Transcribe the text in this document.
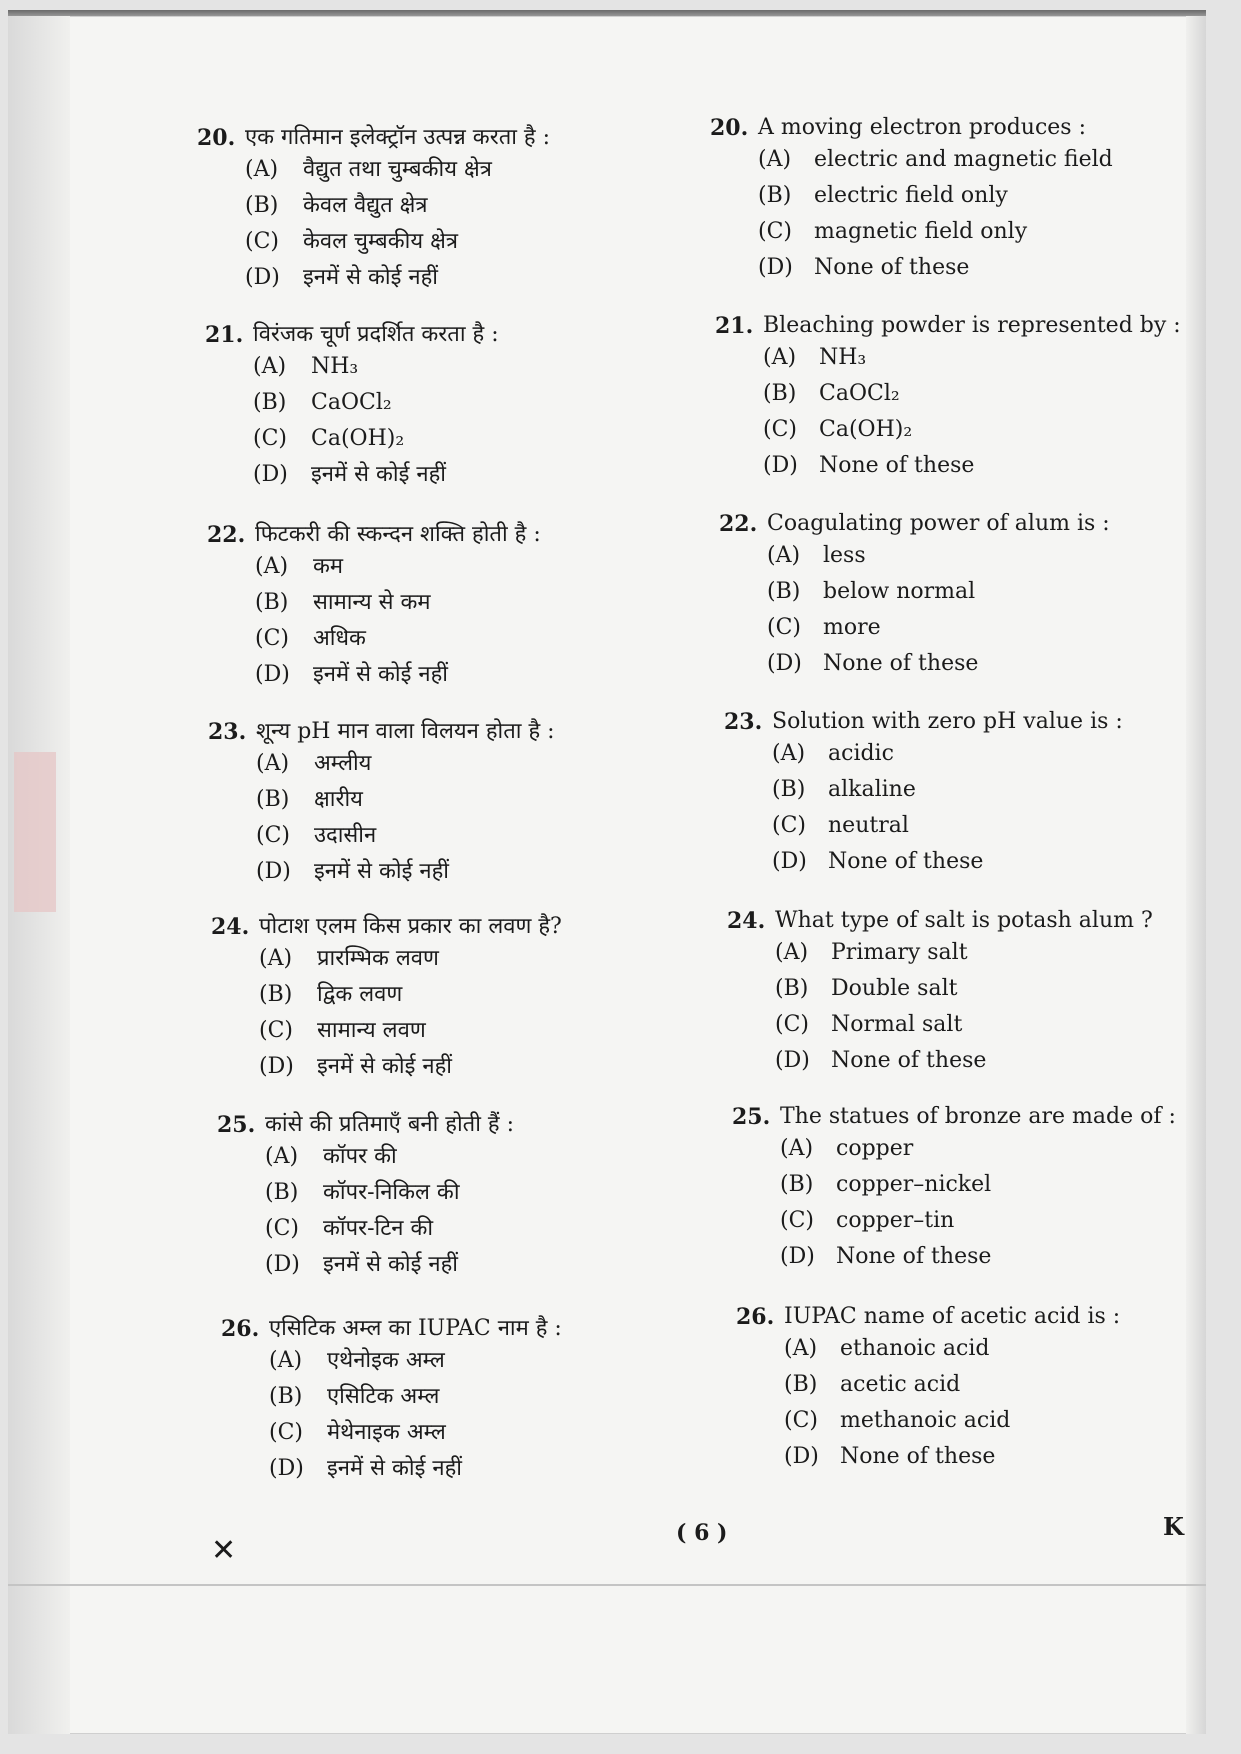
20. एक गतिमान इलेक्ट्रॉन उत्पन्न करता है :
(A) वैद्युत तथा चुम्बकीय क्षेत्र
(B) केवल वैद्युत क्षेत्र
(C) केवल चुम्बकीय क्षेत्र
(D) इनमें से कोई नहीं
21. विरंजक चूर्ण प्रदर्शित करता है :
(A) NH₃
(B) CaOCl₂
(C) Ca(OH)₂
(D) इनमें से कोई नहीं
22. फिटकरी की स्कन्दन शक्ति होती है :
(A) कम
(B) सामान्य से कम
(C) अधिक
(D) इनमें से कोई नहीं
23. शून्य pH मान वाला विलयन होता है :
(A) अम्लीय
(B) क्षारीय
(C) उदासीन
(D) इनमें से कोई नहीं
24. पोटाश एलम किस प्रकार का लवण है?
(A) प्रारम्भिक लवण
(B) द्विक लवण
(C) सामान्य लवण
(D) इनमें से कोई नहीं
25. कांसे की प्रतिमाएँ बनी होती हैं :
(A) कॉपर की
(B) कॉपर-निकिल की
(C) कॉपर-टिन की
(D) इनमें से कोई नहीं
26. एसिटिक अम्ल का IUPAC नाम है :
(A) एथेनोइक अम्ल
(B) एसिटिक अम्ल
(C) मेथेनाइक अम्ल
(D) इनमें से कोई नहीं
20. A moving electron produces :
(A) electric and magnetic field
(B) electric field only
(C) magnetic field only
(D) None of these
21. Bleaching powder is represented by :
(A) NH₃
(B) CaOCl₂
(C) Ca(OH)₂
(D) None of these
22. Coagulating power of alum is :
(A) less
(B) below normal
(C) more
(D) None of these
23. Solution with zero pH value is :
(A) acidic
(B) alkaline
(C) neutral
(D) None of these
24. What type of salt is potash alum ?
(A) Primary salt
(B) Double salt
(C) Normal salt
(D) None of these
25. The statues of bronze are made of :
(A) copper
(B) copper–nickel
(C) copper–tin
(D) None of these
26. IUPAC name of acetic acid is :
(A) ethanoic acid
(B) acetic acid
(C) methanoic acid
(D) None of these
✕	( 6 )	K
